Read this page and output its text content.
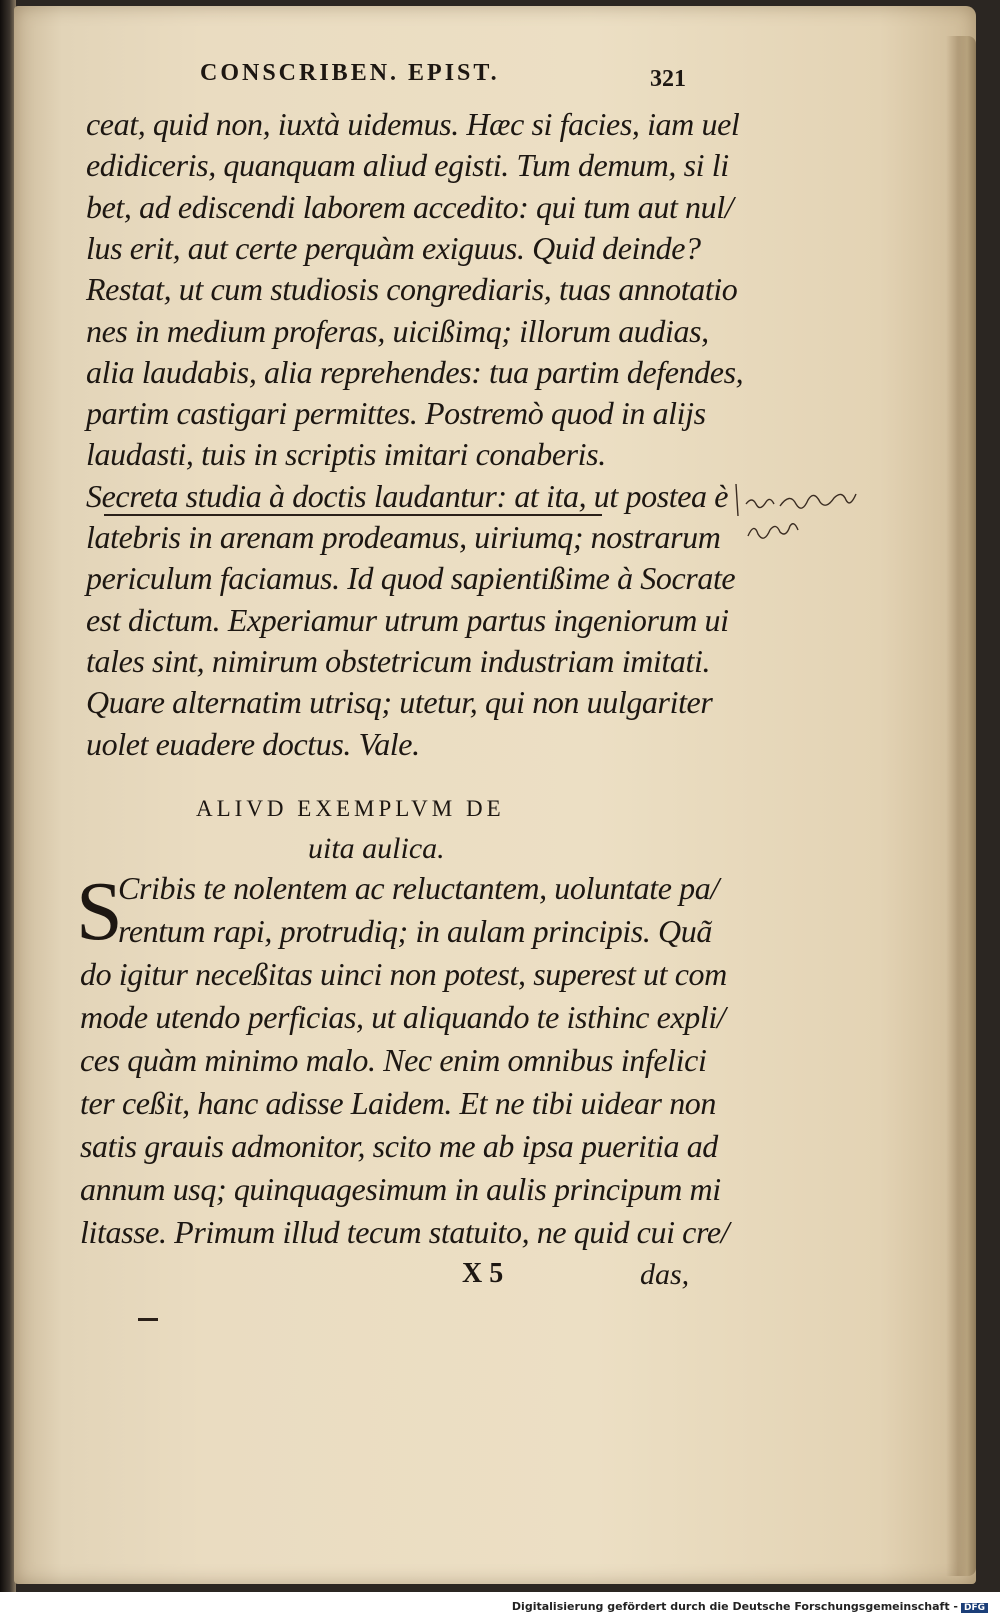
CONSCRIBEN. EPIST.	321
ceat, quid non, iuxtà uidemus. Hæc si facies, iam uel
edidiceris, quanquam aliud egisti. Tum demum, si li
bet, ad ediscendi laborem accedito: qui tum aut nul/
lus erit, aut certe perquàm exiguus. Quid deinde?
Restat, ut cum studiosis congrediaris, tuas annotatio
nes in medium proferas, uicißimq; illorum audias,
alia laudabis, alia reprehendes: tua partim defendes,
partim castigari permittes. Postremò quod in alijs
laudasti, tuis in scriptis imitari conaberis.
Secreta studia à doctis laudantur: at ita, ut postea è
latebris in arenam prodeamus, uiriumq; nostrarum
periculum faciamus. Id quod sapientißime à Socrate
est dictum. Experiamur utrum partus ingeniorum ui
tales sint, nimirum obstetricum industriam imitati.
Quare alternatim utrisq; utetur, qui non uulgariter
uolet euadere doctus. Vale.
ALIVD EXEMPLVM DE
uita aulica.
S
Cribis te nolentem ac reluctantem, uoluntate pa/
rentum rapi, protrudiq; in aulam principis. Quã
do igitur neceßitas uinci non potest, superest ut com
mode utendo perficias, ut aliquando te isthinc expli/
ces quàm minimo malo. Nec enim omnibus infelici
ter ceßit, hanc adisse Laidem. Et ne tibi uidear non
satis grauis admonitor, scito me ab ipsa pueritia ad
annum usq; quinquagesimum in aulis principum mi
litasse. Primum illud tecum statuito, ne quid cui cre/
X 5	das,
Digitalisierung gefördert durch die Deutsche Forschungsgemeinschaft - DFG
